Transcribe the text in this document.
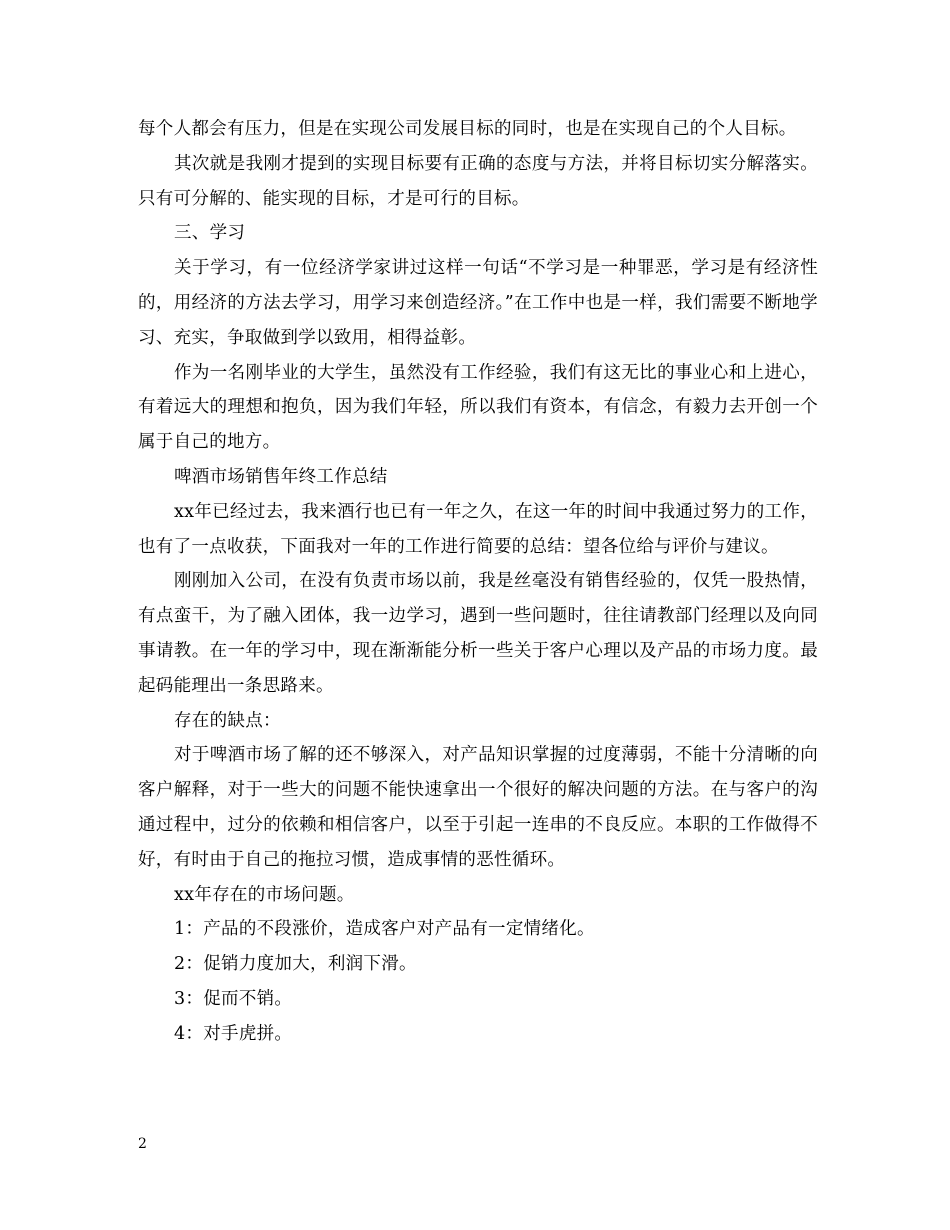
每个人都会有压力，但是在实现公司发展目标的同时，也是在实现自己的个人目标。

其次就是我刚才提到的实现目标要有正确的态度与方法，并将目标切实分解落实。只有可分解的、能实现的目标，才是可行的目标。

三、学习

关于学习，有一位经济学家讲过这样一句话“不学习是一种罪恶，学习是有经济性的，用经济的方法去学习，用学习来创造经济。”在工作中也是一样，我们需要不断地学习、充实，争取做到学以致用，相得益彰。

作为一名刚毕业的大学生，虽然没有工作经验，我们有这无比的事业心和上进心，有着远大的理想和抱负，因为我们年轻，所以我们有资本，有信念，有毅力去开创一个属于自己的地方。

啤酒市场销售年终工作总结

xx年已经过去，我来酒行也已有一年之久，在这一年的时间中我通过努力的工作，也有了一点收获，下面我对一年的工作进行简要的总结：望各位给与评价与建议。

刚刚加入公司，在没有负责市场以前，我是丝毫没有销售经验的，仅凭一股热情，有点蛮干，为了融入团体，我一边学习，遇到一些问题时，往往请教部门经理以及向同事请教。在一年的学习中，现在渐渐能分析一些关于客户心理以及产品的市场力度。最起码能理出一条思路来。

存在的缺点：

对于啤酒市场了解的还不够深入，对产品知识掌握的过度薄弱，不能十分清晰的向客户解释，对于一些大的问题不能快速拿出一个很好的解决问题的方法。在与客户的沟通过程中，过分的依赖和相信客户，以至于引起一连串的不良反应。本职的工作做得不好，有时由于自己的拖拉习惯，造成事情的恶性循环。

xx年存在的市场问题。

1：产品的不段涨价，造成客户对产品有一定情绪化。

2：促销力度加大，利润下滑。

3：促而不销。

4：对手虎拼。

2
